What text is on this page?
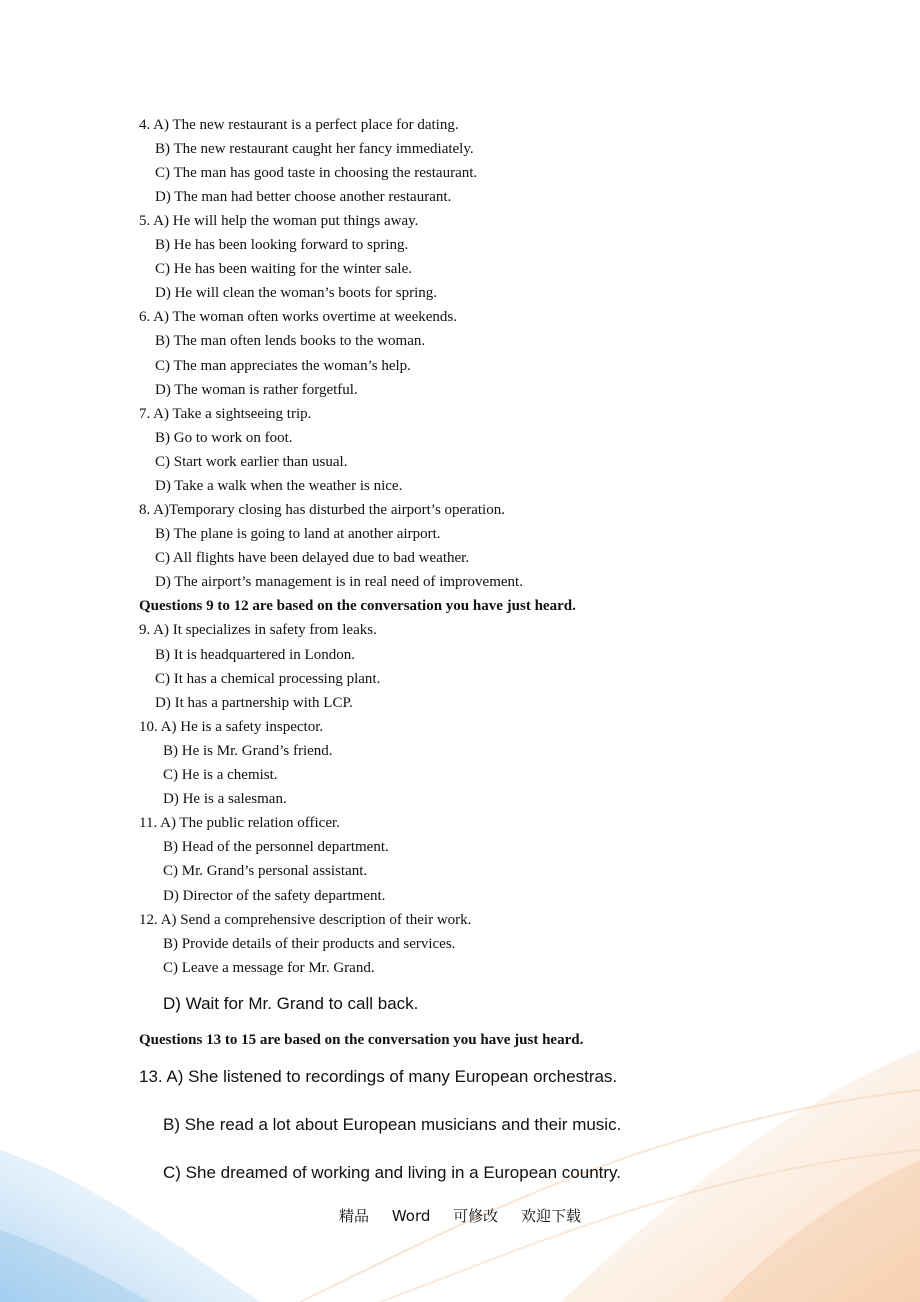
4. A) The new restaurant is a perfect place for dating.
B) The new restaurant caught her fancy immediately.
C) The man has good taste in choosing the restaurant.
D) The man had better choose another restaurant.
5. A) He will help the woman put things away.
B) He has been looking forward to spring.
C) He has been waiting for the winter sale.
D) He will clean the woman’s boots for spring.
6. A) The woman often works overtime at weekends.
B) The man often lends books to the woman.
C) The man appreciates the woman’s help.
D) The woman is rather forgetful.
7. A) Take a sightseeing trip.
B) Go to work on foot.
C) Start work earlier than usual.
D) Take a walk when the weather is nice.
8. A)Temporary closing has disturbed the airport’s operation.
B) The plane is going to land at another airport.
C) All flights have been delayed due to bad weather.
D) The airport’s management is in real need of improvement.
Questions 9 to 12 are based on the conversation you have just heard.
9. A) It specializes in safety from leaks.
B) It is headquartered in London.
C) It has a chemical processing plant.
D) It has a partnership with LCP.
10. A) He is a safety inspector.
B) He is Mr. Grand’s friend.
C) He is a chemist.
D) He is a salesman.
11. A) The public relation officer.
B) Head of the personnel department.
C) Mr. Grand’s personal assistant.
D) Director of the safety department.
12. A) Send a comprehensive description of their work.
B) Provide details of their products and services.
C) Leave a message for Mr. Grand.
D) Wait for Mr. Grand to call back.
Questions 13 to 15 are based on the conversation you have just heard.
13. A) She listened to recordings of many European orchestras.
B) She read a lot about European musicians and their music.
C) She dreamed of working and living in a European country.
精品 Word 可修改 欢迎下载
